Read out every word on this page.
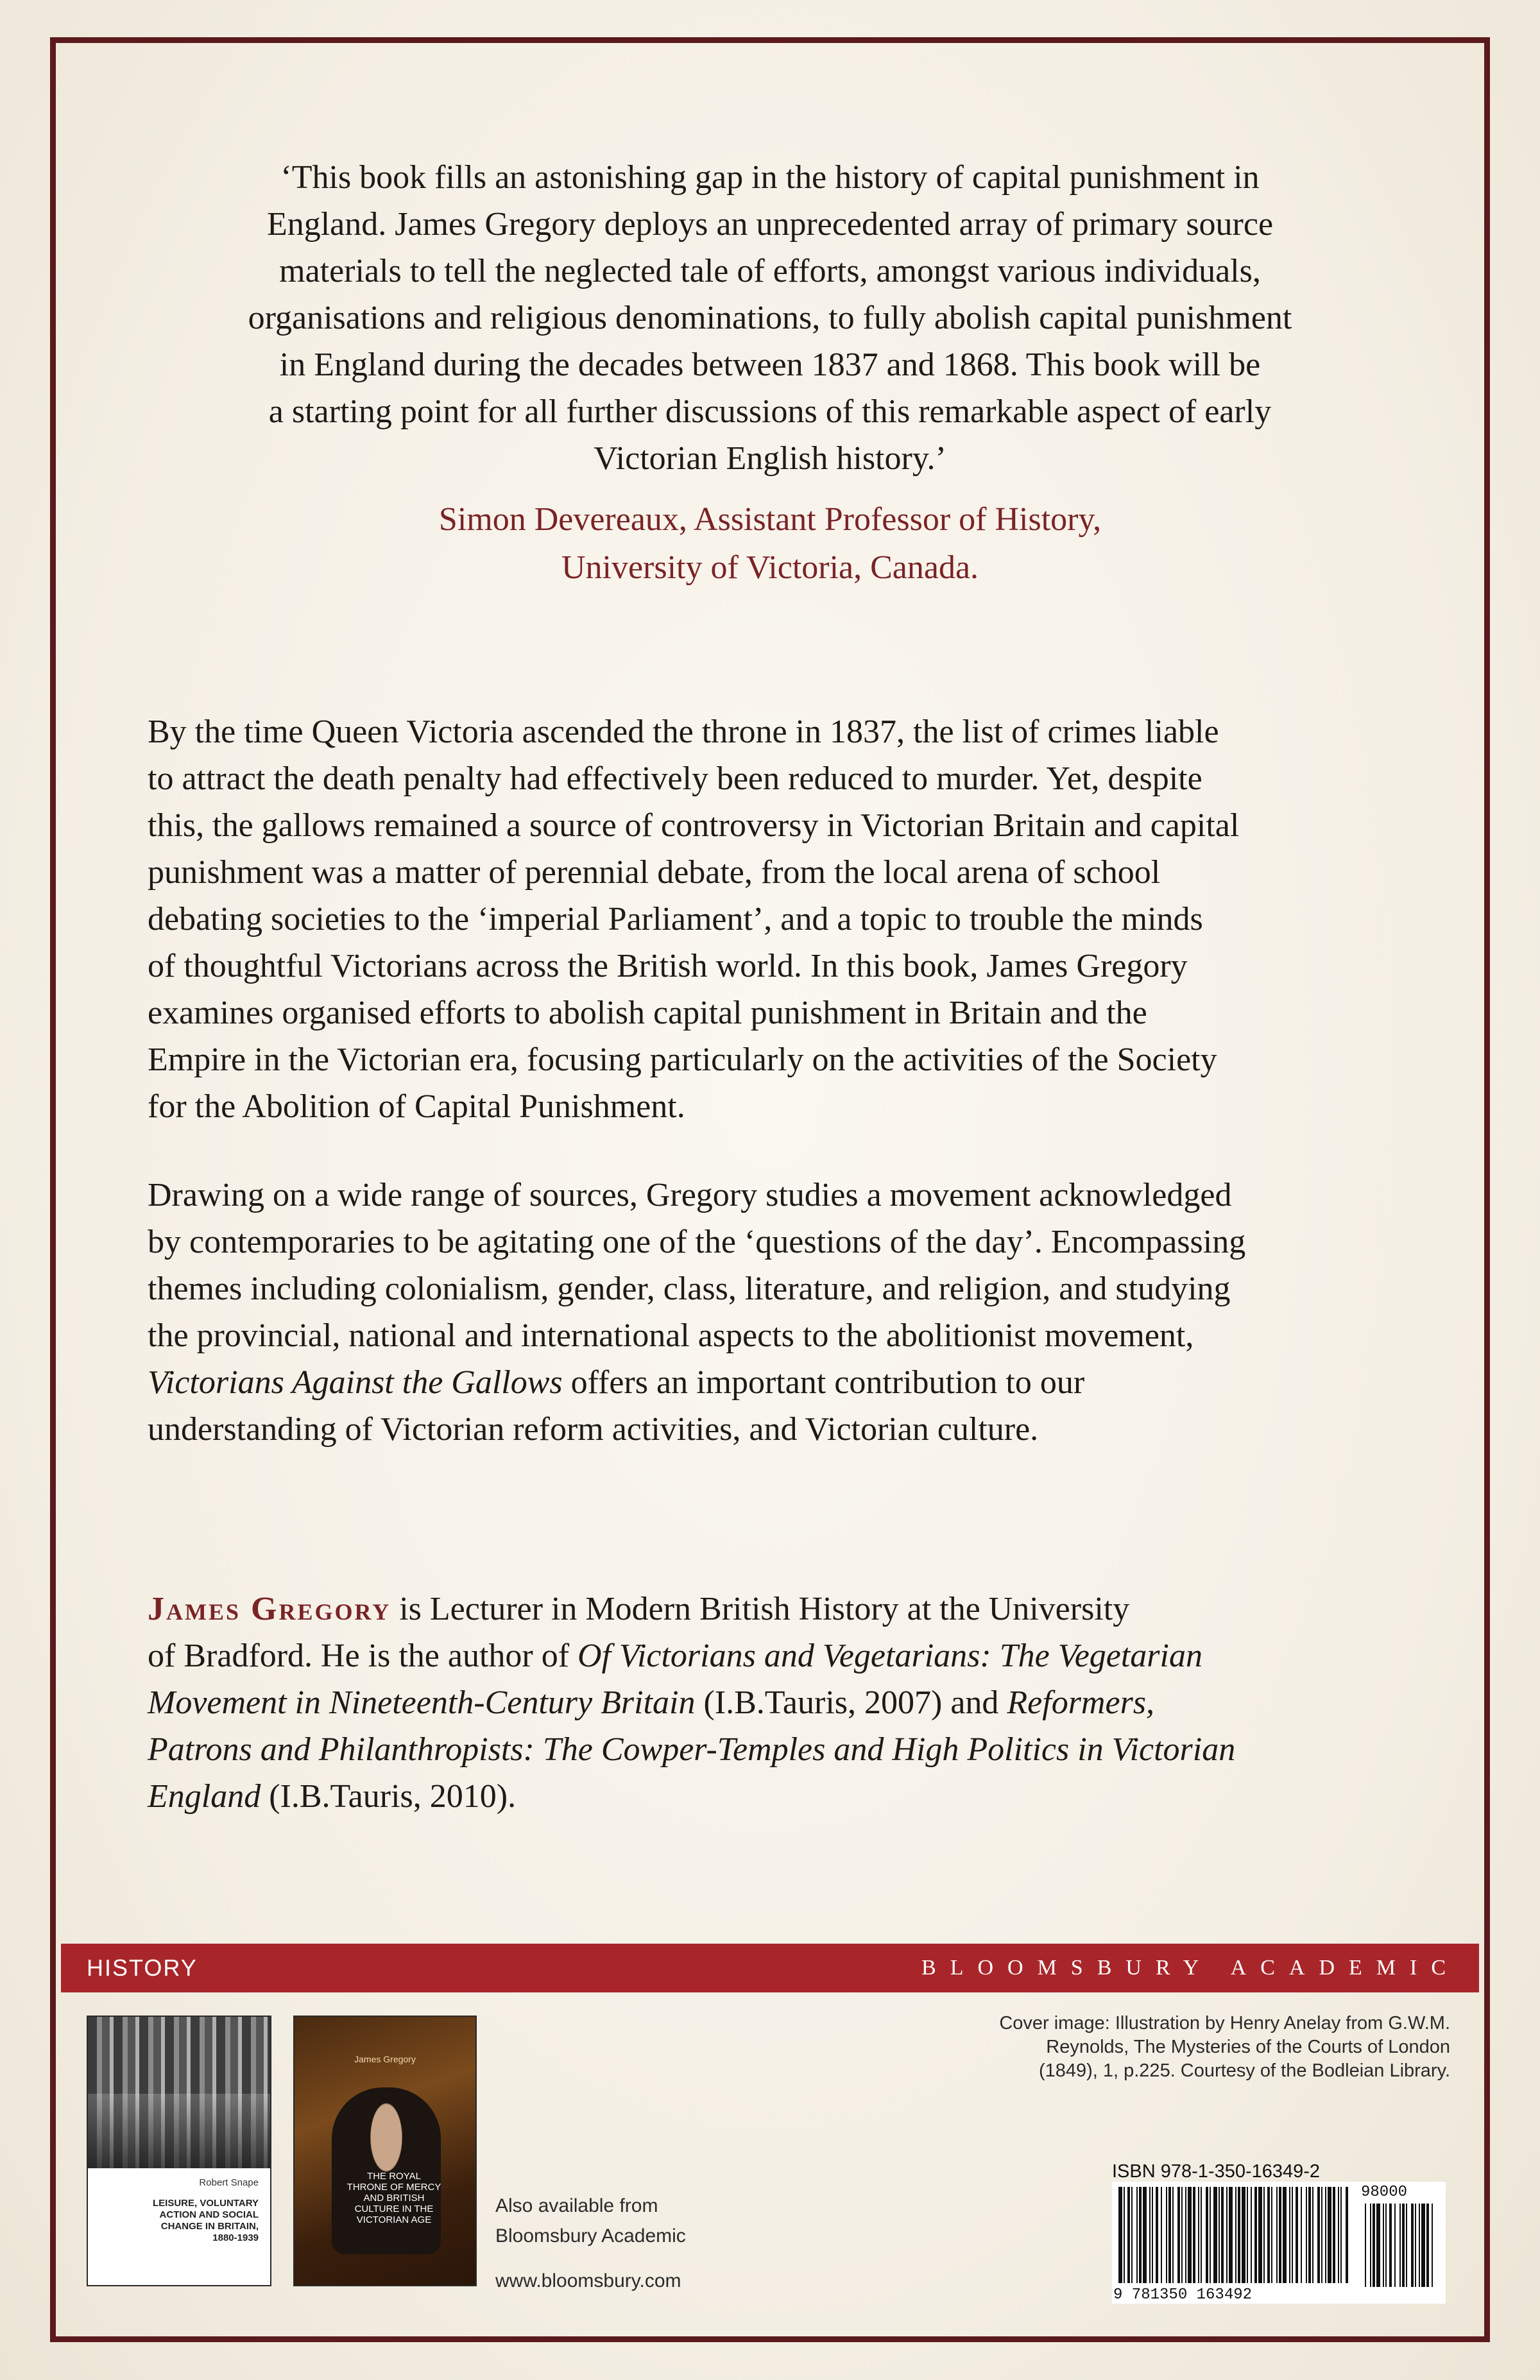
‘This book fills an astonishing gap in the history of capital punishment in
England. James Gregory deploys an unprecedented array of primary source
materials to tell the neglected tale of efforts, amongst various individuals,
organisations and religious denominations, to fully abolish capital punishment
in England during the decades between 1837 and 1868. This book will be
a starting point for all further discussions of this remarkable aspect of early
Victorian English history.’
Simon Devereaux, Assistant Professor of History,
University of Victoria, Canada.
By the time Queen Victoria ascended the throne in 1837, the list of crimes liable
to attract the death penalty had effectively been reduced to murder. Yet, despite
this, the gallows remained a source of controversy in Victorian Britain and capital
punishment was a matter of perennial debate, from the local arena of school
debating societies to the ‘imperial Parliament’, and a topic to trouble the minds
of thoughtful Victorians across the British world. In this book, James Gregory
examines organised efforts to abolish capital punishment in Britain and the
Empire in the Victorian era, focusing particularly on the activities of the Society
for the Abolition of Capital Punishment.
Drawing on a wide range of sources, Gregory studies a movement acknowledged
by contemporaries to be agitating one of the ‘questions of the day’. Encompassing
themes including colonialism, gender, class, literature, and religion, and studying
the provincial, national and international aspects to the abolitionist movement,
Victorians Against the Gallows offers an important contribution to our
understanding of Victorian reform activities, and Victorian culture.
James Gregory is Lecturer in Modern British History at the University
of Bradford. He is the author of Of Victorians and Vegetarians: The Vegetarian
Movement in Nineteenth-Century Britain (I.B.Tauris, 2007) and Reformers,
Patrons and Philanthropists: The Cowper-Temples and High Politics in Victorian
England (I.B.Tauris, 2010).
HISTORY	BLOOMSBURY ACADEMIC
Robert Snape
LEISURE, VOLUNTARY ACTION AND SOCIAL CHANGE IN BRITAIN, 1880-1939
James Gregory
THE ROYAL THRONE OF MERCY AND BRITISH CULTURE IN THE VICTORIAN AGE
Also available from
Bloomsbury Academic
www.bloomsbury.com
Cover image: Illustration by Henry Anelay from G.W.M.
Reynolds, The Mysteries of the Courts of London
(1849), 1, p.225. Courtesy of the Bodleian Library.
ISBN 978-1-350-16349-2
9 781350 163492
98000
